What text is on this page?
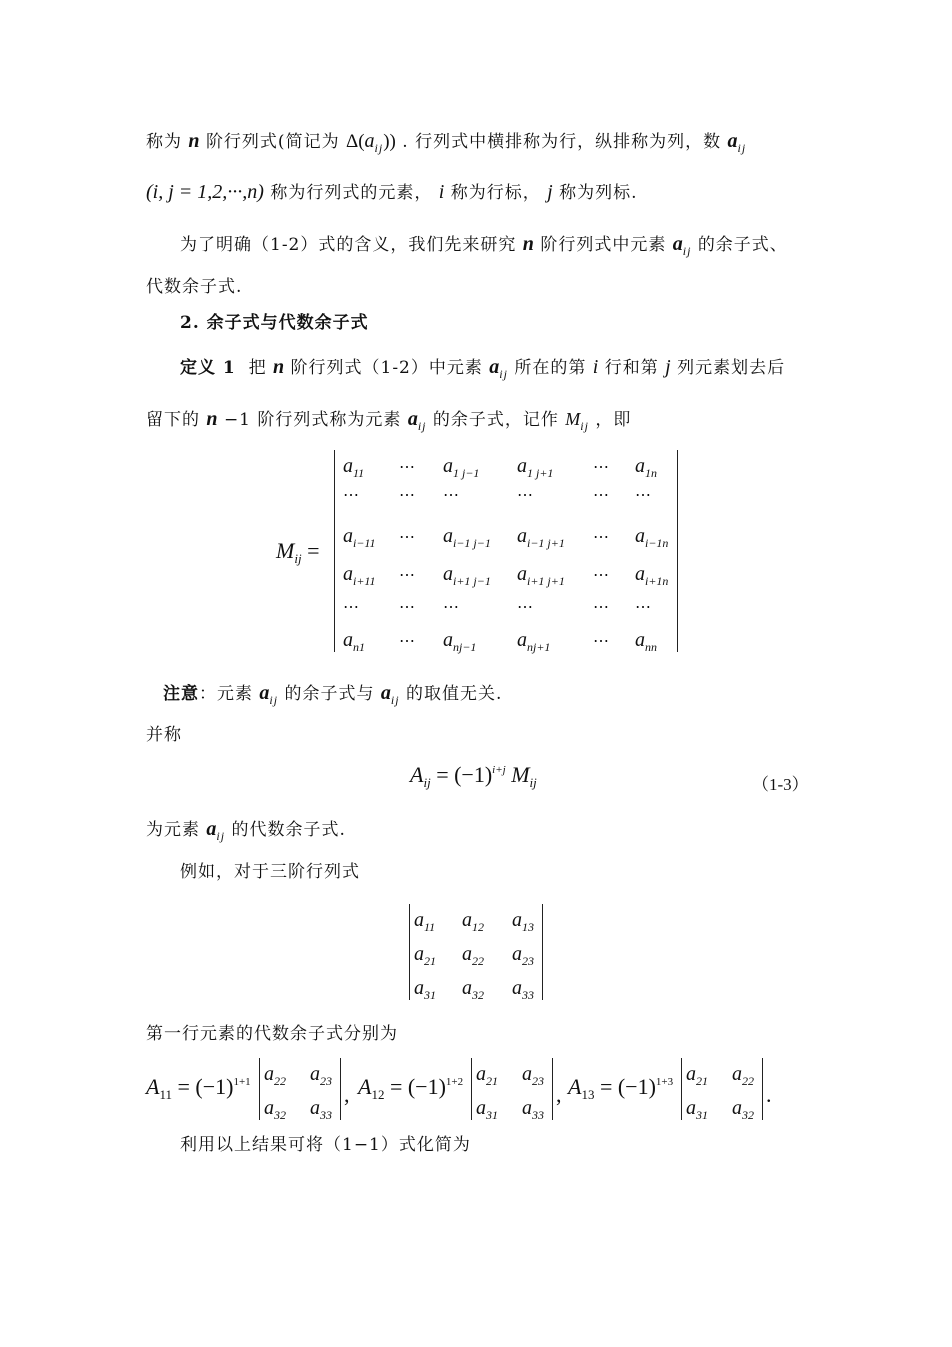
称为 n 阶行列式(简记为 $\Delta(a_{ij})$) . 行列式中横排称为行，纵排称为列，数 $a_{ij}$
(i, j = 1,2,···,n) 称为行列式的元素， i 称为行标， j 称为列标.
为了明确（1-2）式的含义，我们先来研究 n 阶行列式中元素 $a_{ij}$ 的余子式、
代数余子式.
2. 余子式与代数余子式
定义 1 把 n 阶行列式（1-2）中元素 $a_{ij}$ 所在的第 i 行和第 j 列元素划去后
留下的 n −1 阶行列式称为元素 $a_{ij}$ 的余子式，记作 $M_{ij}$ ，即
$M_{ij}$ =
$a_{11}$ ⋯ $a_{1 j-1}$ $a_{1 j+1}$ ⋯ $a_{1n}$
⋯ ⋯ ⋯	⋯	⋯ ⋯
$a_{i-11}$ ⋯ $a_{i-1 j-1}$ $a_{i-1 j+1}$ ⋯ $a_{i-1n}$
$a_{i+11}$ ⋯ $a_{i+1 j-1}$ $a_{i+1 j+1}$ ⋯ $a_{i+1n}$
⋯ ⋯ ⋯	⋯	⋯ ⋯
$a_{n1}$ ⋯ $a_{nj-1}$ $a_{nj+1}$	⋯ $a_{nn}$
注意：元素 $a_{ij}$ 的余子式与 $a_{ij}$ 的取值无关.
并称
$A_{ij} = (-1)^{i+j}$ $M_{ij}$	（1-3）
为元素 $a_{ij}$ 的代数余子式.
例如，对于三阶行列式
$a_{11}$ $a_{12}$ $a_{13}$
$a_{21}$ $a_{22}$ $a_{23}$
$a_{31}$ $a_{32}$ $a_{33}$
第一行元素的代数余子式分别为
$A_{11} = (-1)^{1+1}$ $a_{22}$ $a_{23}$
$a_{32}$ $a_{33}$
, $A_{12} = (-1)^{1+2}$ $a_{21}$ $a_{23}$
$a_{31}$ $a_{33}$
, $A_{13} = (-1)^{1+3}$ $a_{21}$ $a_{22}$
$a_{31}$ $a_{32}$
.
利用以上结果可将（1−1）式化简为
